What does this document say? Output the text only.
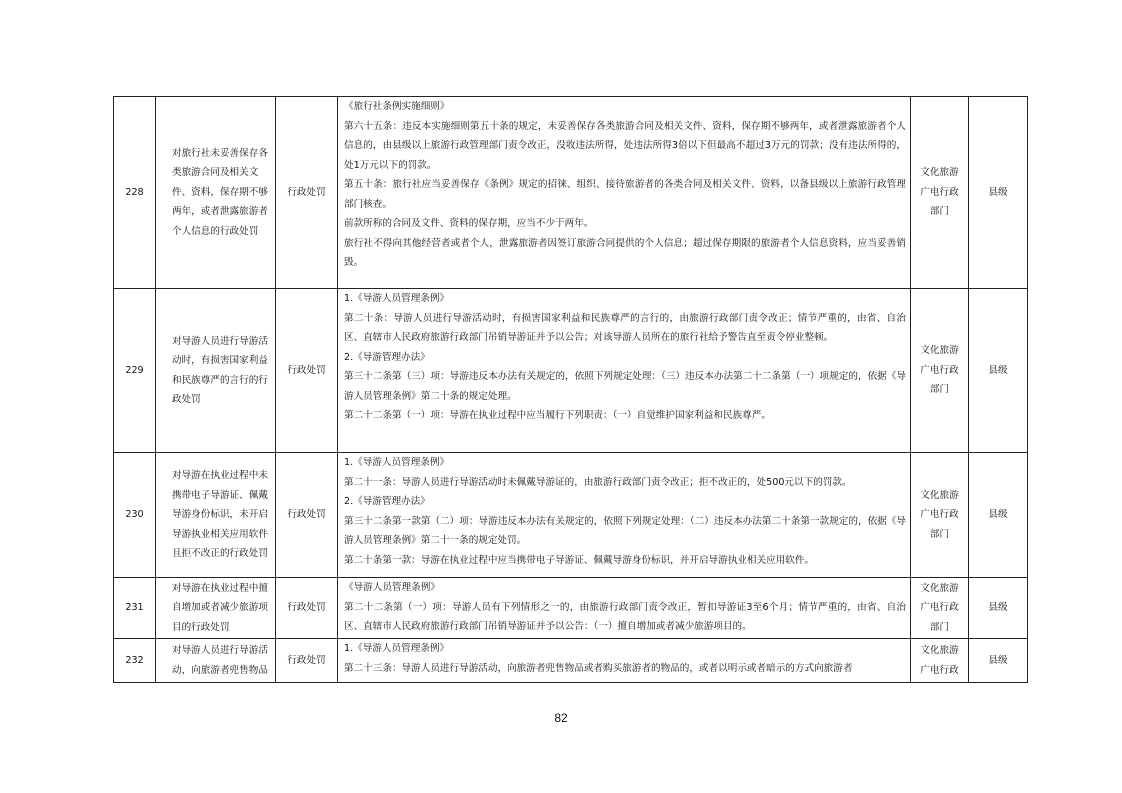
228	对旅行社未妥善保存各类旅游合同及相关文件、资料，保存期不够两年，或者泄露旅游者个人信息的行政处罚	行政处罚	《旅行社条例实施细则》
第六十五条：违反本实施细则第五十条的规定，未妥善保存各类旅游合同及相关文件、资料，保存期不够两年，或者泄露旅游者个人信息的，由县级以上旅游行政管理部门责令改正，没收违法所得，处违法所得3倍以下但最高不超过3万元的罚款；没有违法所得的，处1万元以下的罚款。
第五十条：旅行社应当妥善保存《条例》规定的招徕、组织、接待旅游者的各类合同及相关文件、资料，以备县级以上旅游行政管理部门核查。
前款所称的合同及文件、资料的保存期，应当不少于两年。
旅行社不得向其他经营者或者个人，泄露旅游者因签订旅游合同提供的个人信息；超过保存期限的旅游者个人信息资料，应当妥善销毁。	文化旅游广电行政部门	县级
229	对导游人员进行导游活动时，有损害国家利益和民族尊严的言行的行政处罚	行政处罚	1.《导游人员管理条例》
第二十条：导游人员进行导游活动时，有损害国家利益和民族尊严的言行的，由旅游行政部门责令改正；情节严重的，由省、自治区、直辖市人民政府旅游行政部门吊销导游证并予以公告；对该导游人员所在的旅行社给予警告直至责令停业整顿。
2.《导游管理办法》
第三十二条第（三）项：导游违反本办法有关规定的，依照下列规定处理：（三）违反本办法第二十二条第（一）项规定的，依据《导游人员管理条例》第二十条的规定处理。
第二十二条第（一）项：导游在执业过程中应当履行下列职责：（一）自觉维护国家利益和民族尊严。	文化旅游广电行政部门	县级
230	对导游在执业过程中未携带电子导游证、佩戴导游身份标识，未开启导游执业相关应用软件且拒不改正的行政处罚	行政处罚	1.《导游人员管理条例》
第二十一条：导游人员进行导游活动时未佩戴导游证的，由旅游行政部门责令改正；拒不改正的，处500元以下的罚款。
2.《导游管理办法》
第三十二条第一款第（二）项：导游违反本办法有关规定的，依照下列规定处理：（二）违反本办法第二十条第一款规定的，依据《导游人员管理条例》第二十一条的规定处罚。
第二十条第一款：导游在执业过程中应当携带电子导游证、佩戴导游身份标识，并开启导游执业相关应用软件。	文化旅游广电行政部门	县级
231	对导游在执业过程中擅自增加或者减少旅游项目的行政处罚	行政处罚	《导游人员管理条例》
第二十二条第（一）项：导游人员有下列情形之一的，由旅游行政部门责令改正，暂扣导游证3至6个月；情节严重的，由省、自治区、直辖市人民政府旅游行政部门吊销导游证并予以公告：（一）擅自增加或者减少旅游项目的。	文化旅游广电行政部门	县级
232	对导游人员进行导游活动，向旅游者兜售物品	行政处罚	1.《导游人员管理条例》
第二十三条：导游人员进行导游活动，向旅游者兜售物品或者购买旅游者的物品的，或者以明示或者暗示的方式向旅游者	文化旅游广电行政	县级
82
